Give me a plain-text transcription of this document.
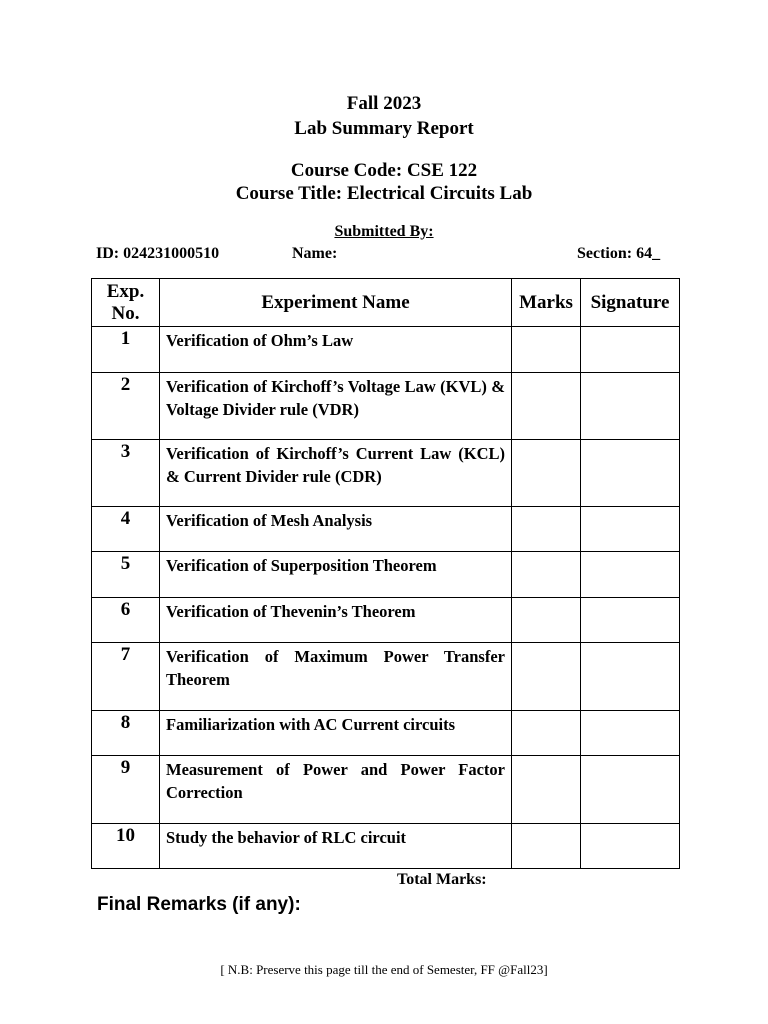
Fall 2023
Lab Summary Report
Course Code: CSE 122
Course Title: Electrical Circuits Lab
Submitted By:
ID: 024231000510	Name:	Section: 64_
Exp. No.	Experiment Name	Marks	Signature
1	Verification of Ohm’s Law		
2	Verification of Kirchoff’s Voltage Law (KVL) & Voltage Divider rule (VDR)		
3	Verification of Kirchoff’s Current Law (KCL) & Current Divider rule (CDR)		
4	Verification of Mesh Analysis		
5	Verification of Superposition Theorem		
6	Verification of Thevenin’s Theorem		
7	Verification of Maximum Power Transfer Theorem		
8	Familiarization with AC Current circuits		
9	Measurement of Power and Power Factor Correction		
10	Study the behavior of RLC circuit		
Total Marks:
Final Remarks (if any):
[ N.B: Preserve this page till the end of Semester, FF @Fall23]
